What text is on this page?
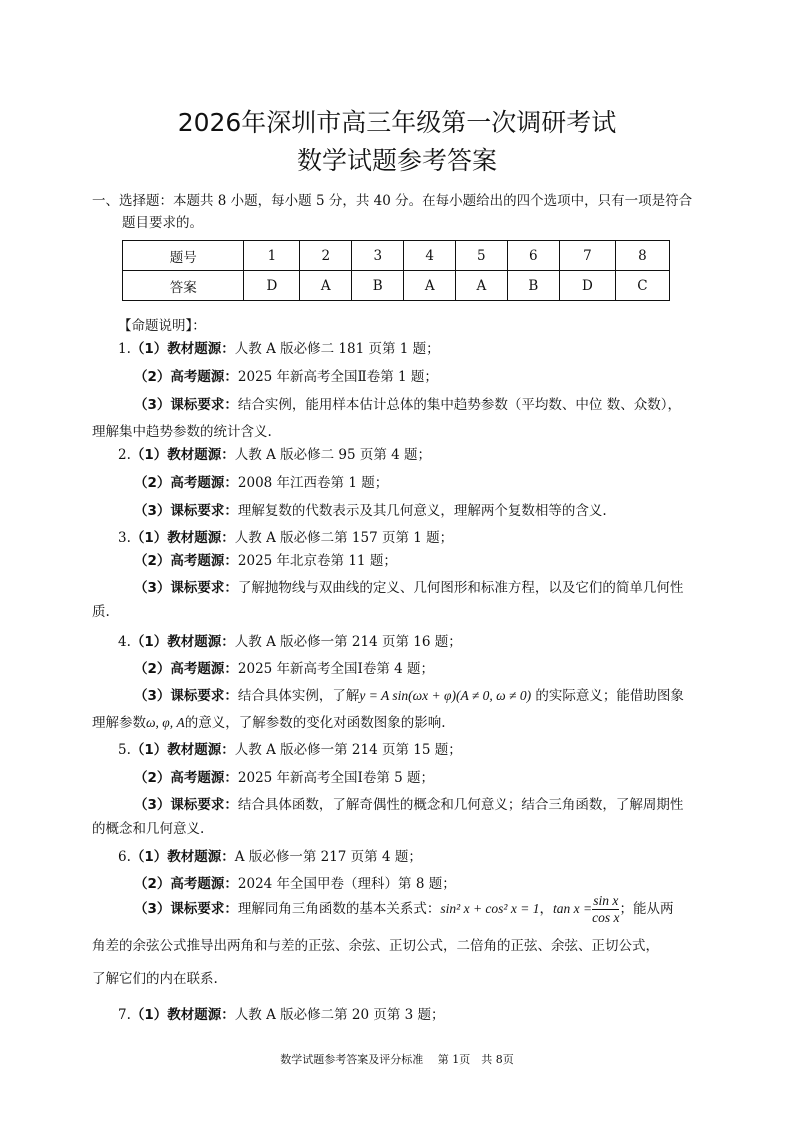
2026年深圳市高三年级第一次调研考试
数学试题参考答案
一、选择题：本题共 8 小题，每小题 5 分，共 40 分。在每小题给出的四个选项中，只有一项是符合
题目要求的。
题号	1	2	3	4	5	6	7	8
答案	D	A	B	A	A	B	D	C
【命题说明】：
1.（1）教材题源：人教 A 版必修二 181 页第 1 题；
（2）高考题源：2025 年新高考全国Ⅱ卷第 1 题；
（3）课标要求：结合实例，能用样本估计总体的集中趋势参数（平均数、中位 数、众数），
理解集中趋势参数的统计含义.
2.（1）教材题源：人教 A 版必修二 95 页第 4 题；
（2）高考题源：2008 年江西卷第 1 题；
（3）课标要求：理解复数的代数表示及其几何意义，理解两个复数相等的含义.
3.（1）教材题源：人教 A 版必修二第 157 页第 1 题；
（2）高考题源：2025 年北京卷第 11 题；
（3）课标要求：了解抛物线与双曲线的定义、几何图形和标准方程，以及它们的简单几何性
质.
4.（1）教材题源：人教 A 版必修一第 214 页第 16 题；
（2）高考题源：2025 年新高考全国Ⅰ卷第 4 题；
（3）课标要求：结合具体实例，了解y = A sin(ωx + φ)(A ≠ 0, ω ≠ 0) 的实际意义；能借助图象
理解参数ω, φ, A的意义，了解参数的变化对函数图象的影响.
5.（1）教材题源：人教 A 版必修一第 214 页第 15 题；
（2）高考题源：2025 年新高考全国Ⅰ卷第 5 题；
（3）课标要求：结合具体函数，了解奇偶性的概念和几何意义；结合三角函数，了解周期性
的概念和几何意义.
6.（1）教材题源：A 版必修一第 217 页第 4 题；
（2）高考题源：2024 年全国甲卷（理科）第 8 题；
（3）课标要求：理解同角三角函数的基本关系式：sin² x + cos² x = 1，$\tan x = \frac{\text{sin x}}{\text{cos x}}$ ；能从两
角差的余弦公式推导出两角和与差的正弦、余弦、正切公式，二倍角的正弦、余弦、正切公式，
了解它们的内在联系.
7.（1）教材题源：人教 A 版必修二第 20 页第 3 题；
数学试题参考答案及评分标准　 第 1页　共 8页
